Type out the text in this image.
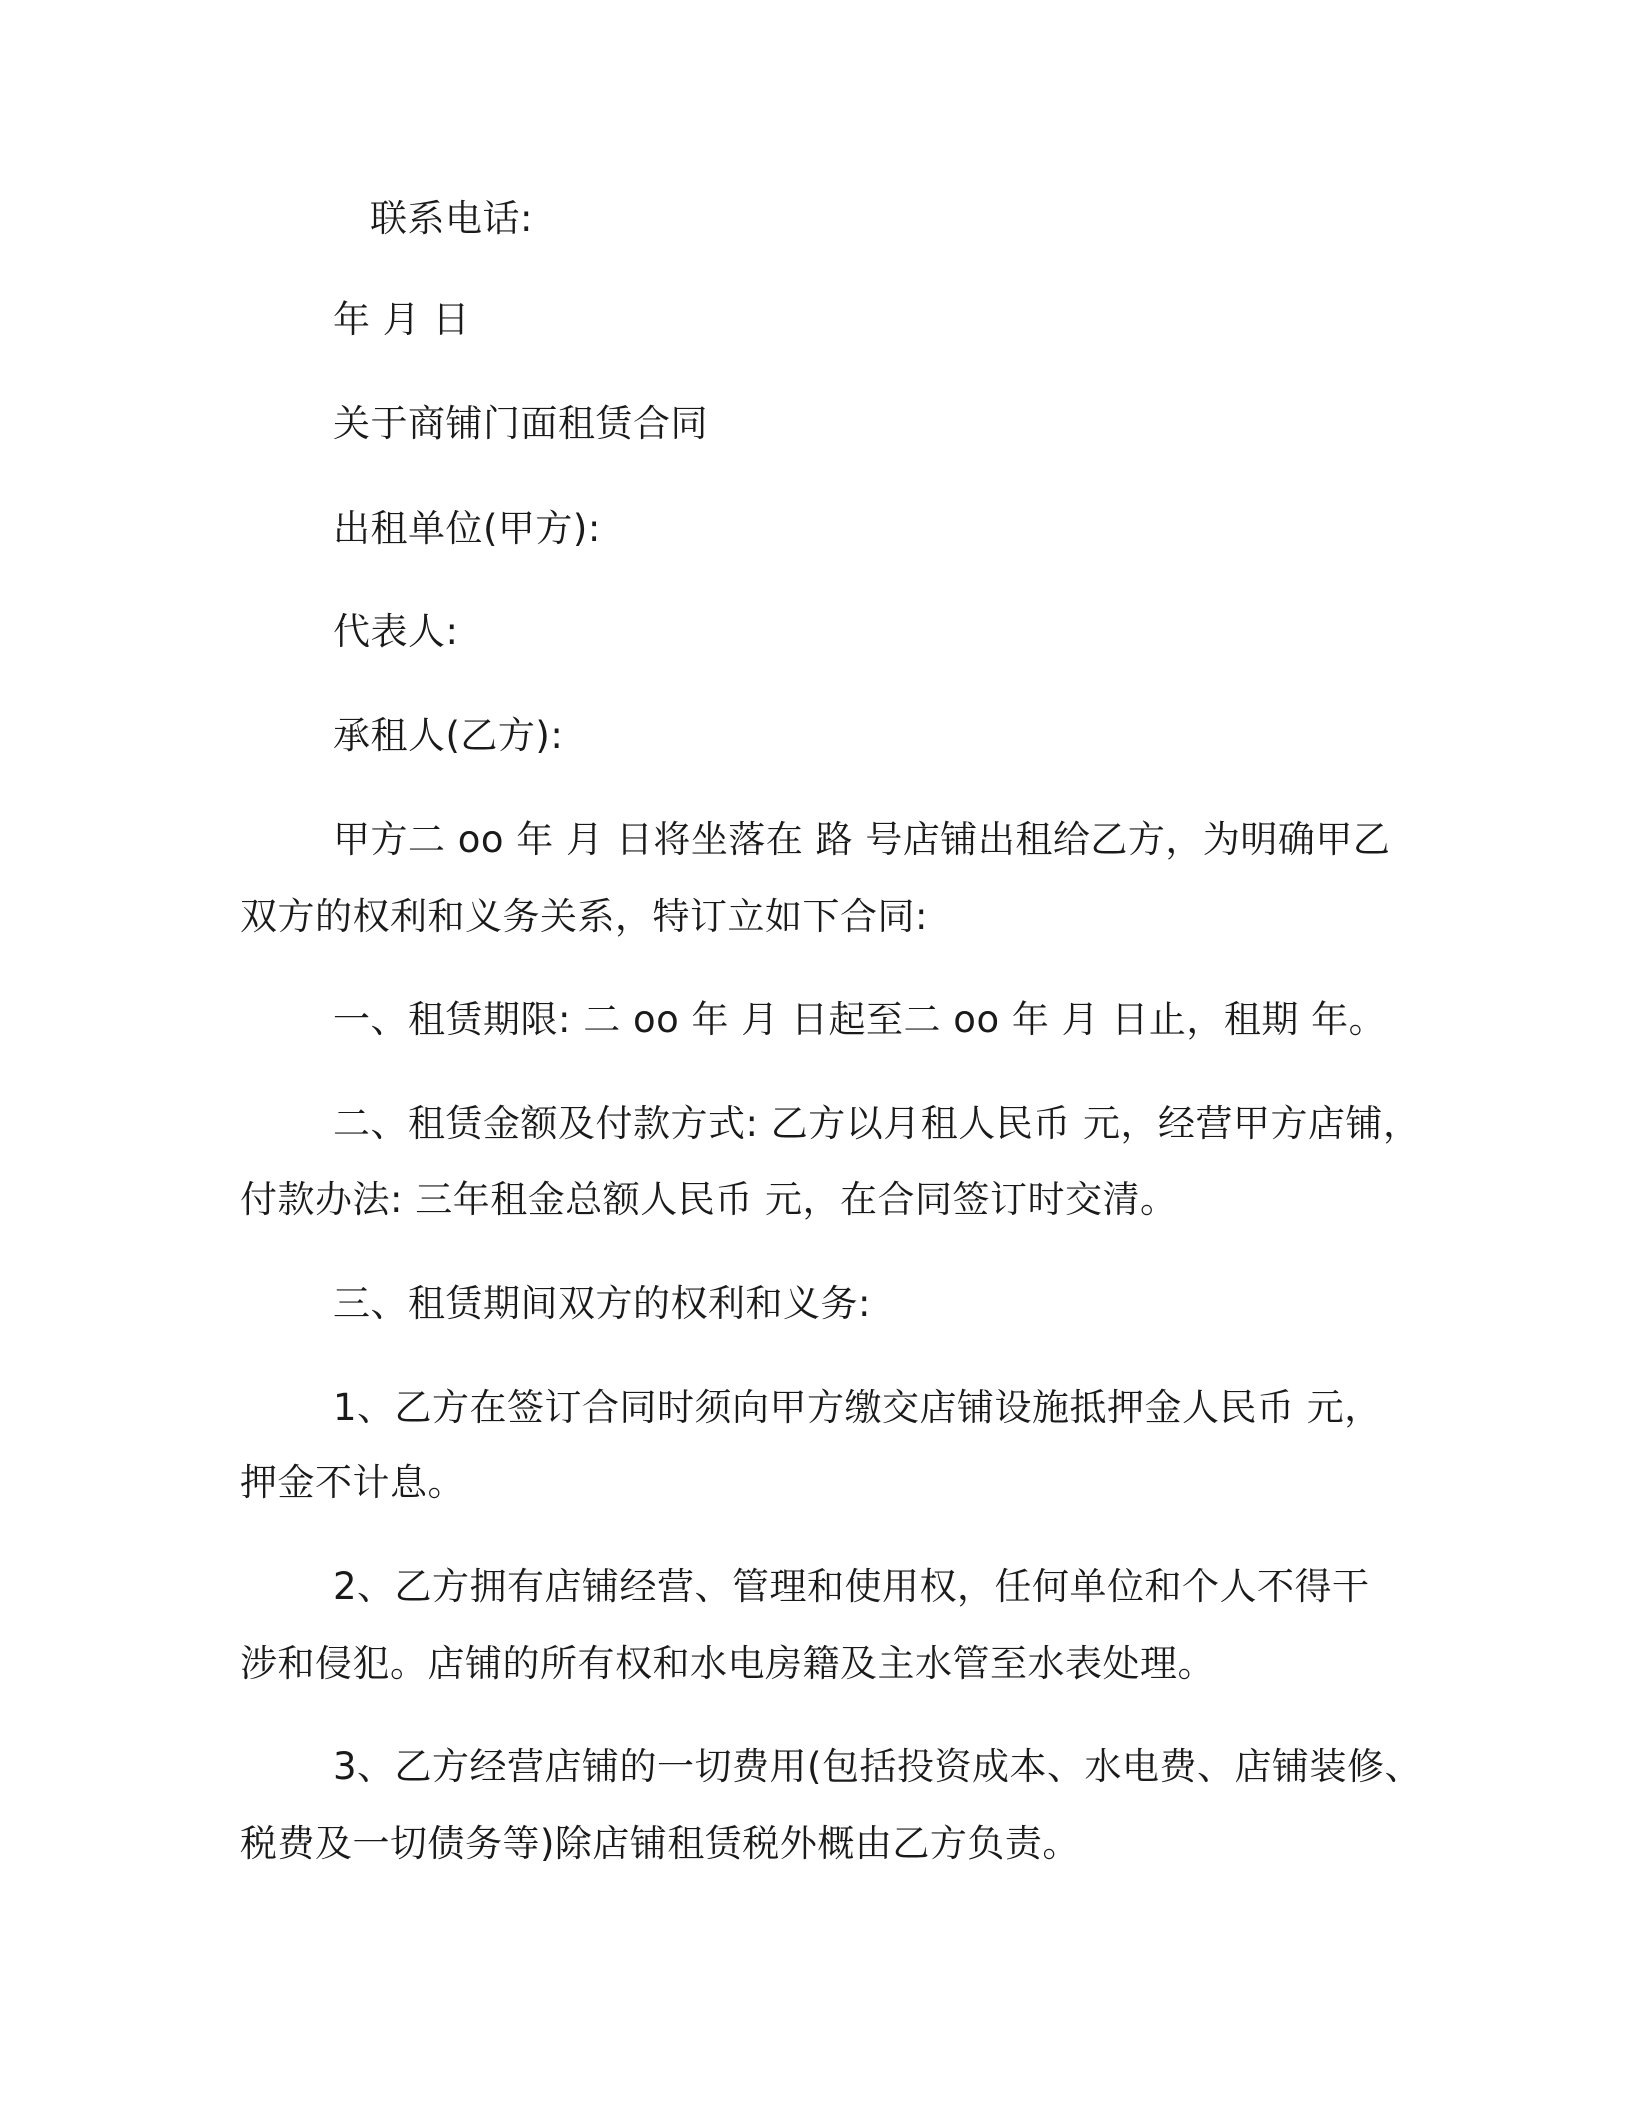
联系电话:
年 月 日
关于商铺门面租赁合同
出租单位(甲方):
代表人:
承租人(乙方):
甲方二 oo 年 月 日将坐落在 路 号店铺出租给乙方，为明确甲乙
双方的权利和义务关系，特订立如下合同:
一、租赁期限: 二 oo 年 月 日起至二 oo 年 月 日止，租期 年。
二、租赁金额及付款方式: 乙方以月租人民币 元，经营甲方店铺，
付款办法: 三年租金总额人民币 元，在合同签订时交清。
三、租赁期间双方的权利和义务:
1、乙方在签订合同时须向甲方缴交店铺设施抵押金人民币 元，
押金不计息。
2、乙方拥有店铺经营、管理和使用权，任何单位和个人不得干
涉和侵犯。店铺的所有权和水电房籍及主水管至水表处理。
3、乙方经营店铺的一切费用(包括投资成本、水电费、店铺装修、
税费及一切债务等)除店铺租赁税外概由乙方负责。
